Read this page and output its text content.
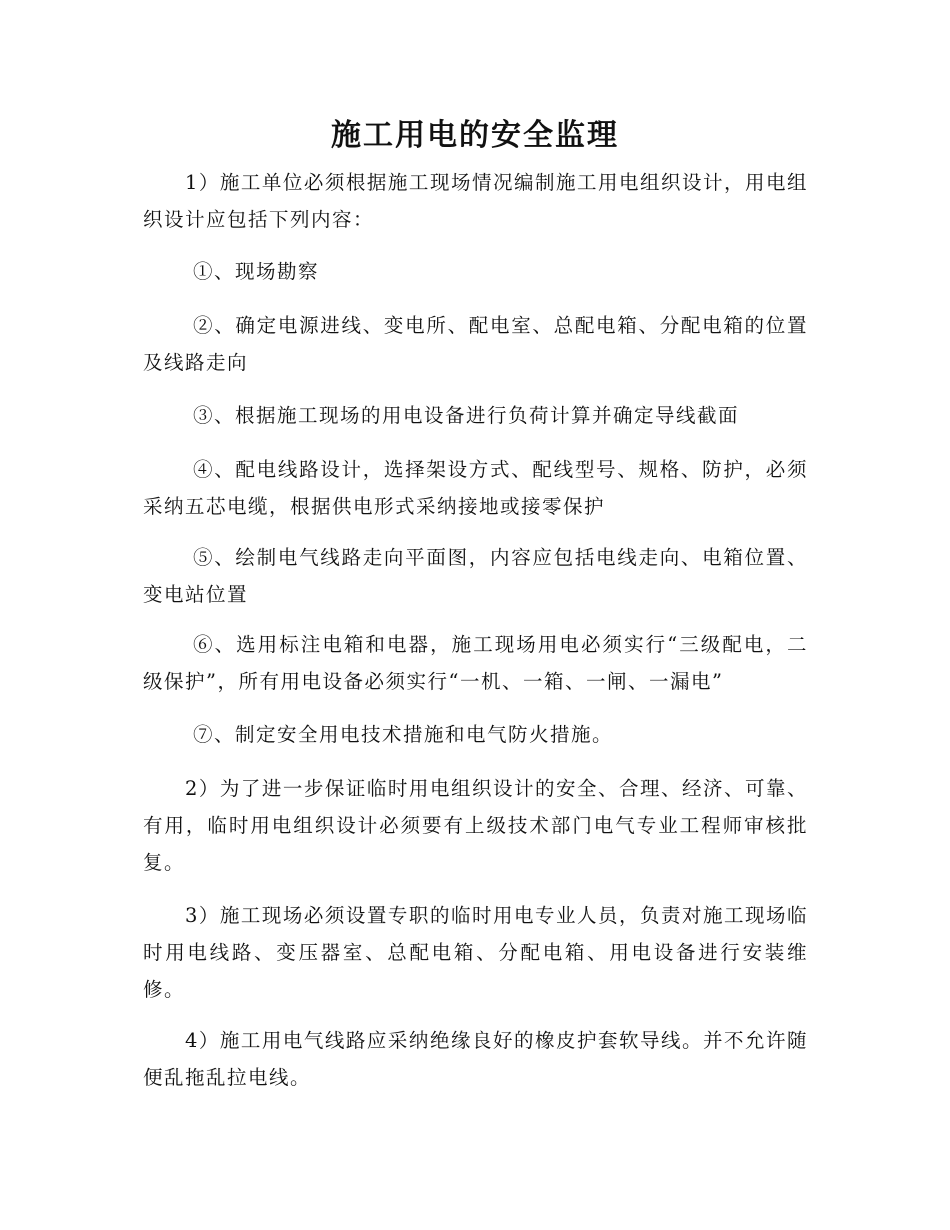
施工用电的安全监理

1）施工单位必须根据施工现场情况编制施工用电组织设计，用电组织设计应包括下列内容：

①、现场勘察

②、确定电源进线、变电所、配电室、总配电箱、分配电箱的位置及线路走向

③、根据施工现场的用电设备进行负荷计算并确定导线截面

④、配电线路设计，选择架设方式、配线型号、规格、防护，必须采纳五芯电缆，根据供电形式采纳接地或接零保护

⑤、绘制电气线路走向平面图，内容应包括电线走向、电箱位置、变电站位置

⑥、选用标注电箱和电器，施工现场用电必须实行“三级配电，二级保护”，所有用电设备必须实行“一机、一箱、一闸、一漏电”

⑦、制定安全用电技术措施和电气防火措施。

2）为了进一步保证临时用电组织设计的安全、合理、经济、可靠、有用，临时用电组织设计必须要有上级技术部门电气专业工程师审核批复。

3）施工现场必须设置专职的临时用电专业人员，负责对施工现场临时用电线路、变压器室、总配电箱、分配电箱、用电设备进行安装维修。

4）施工用电气线路应采纳绝缘良好的橡皮护套软导线。并不允许随便乱拖乱拉电线。
